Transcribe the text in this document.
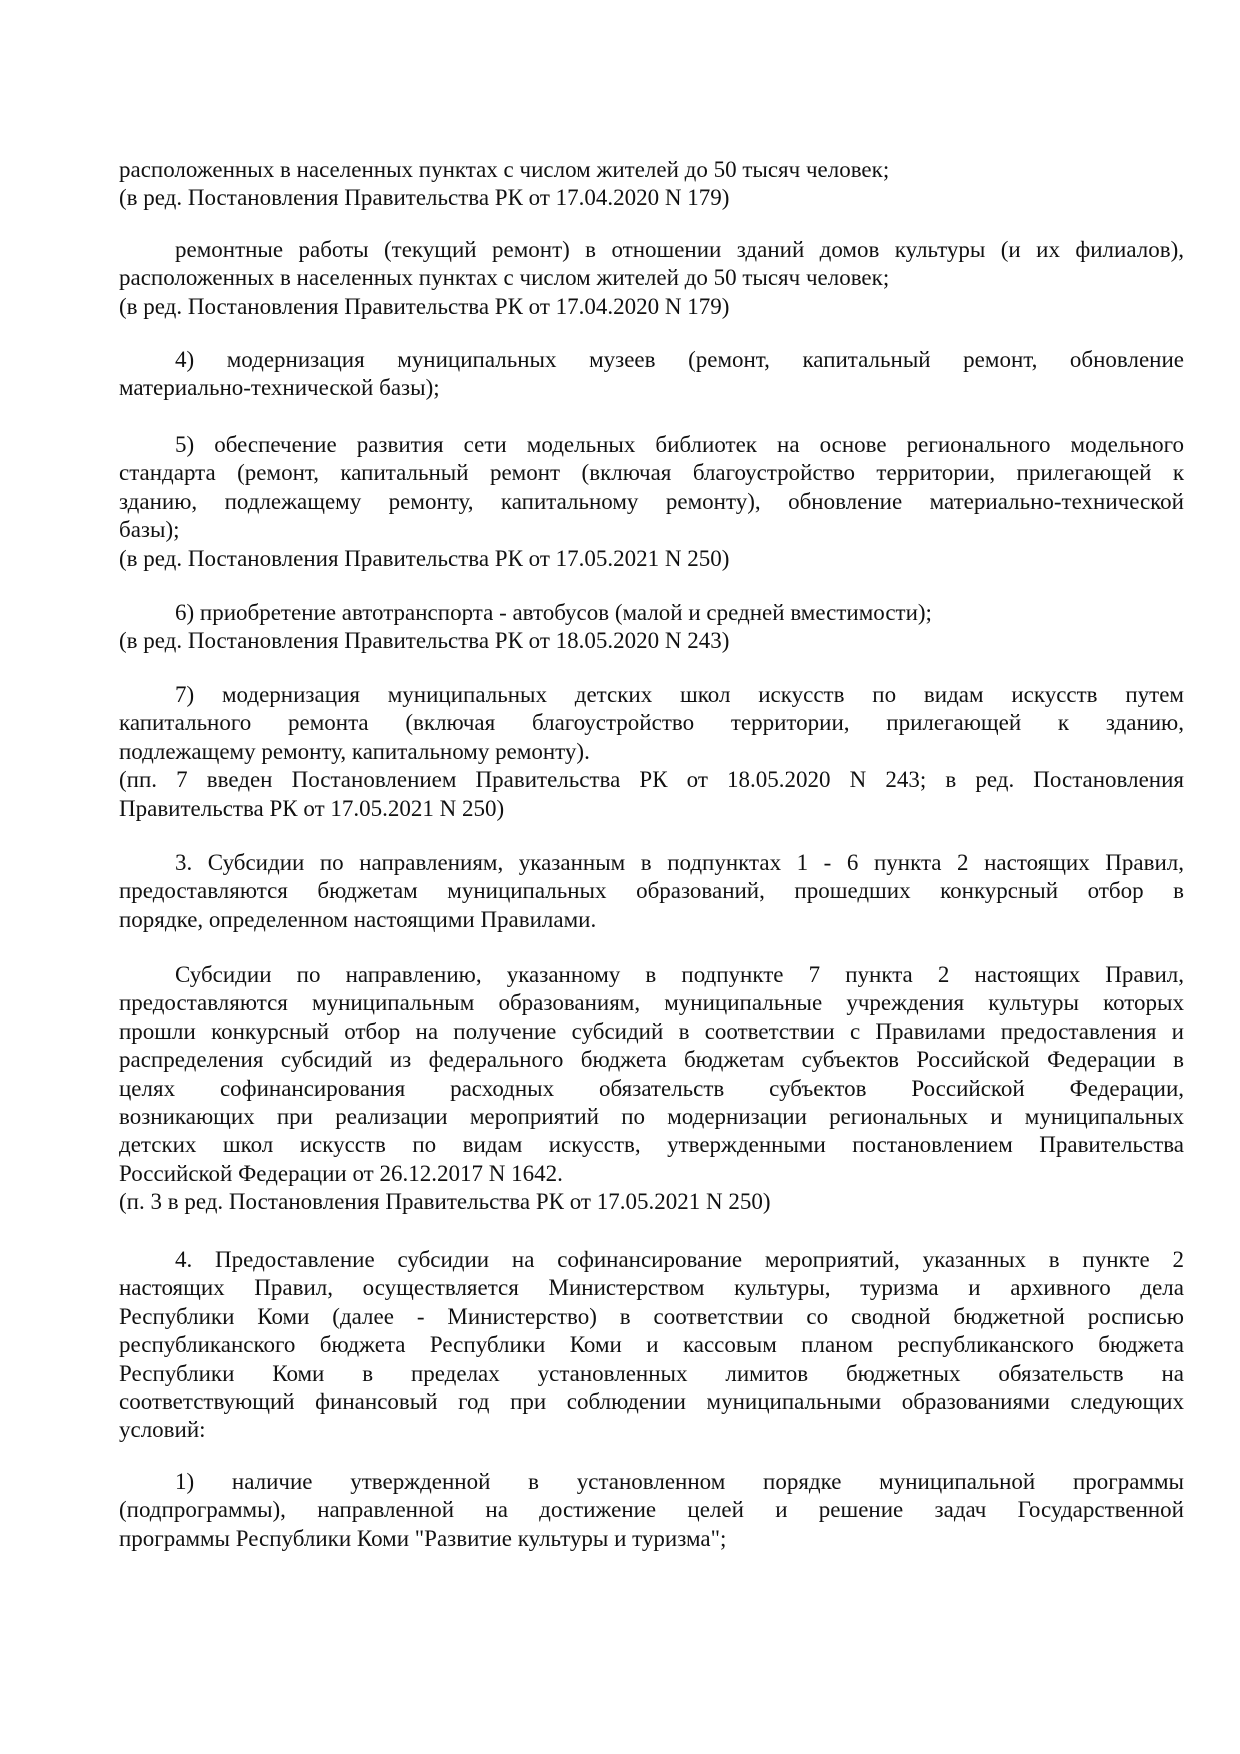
расположенных в населенных пунктах с числом жителей до 50 тысяч человек;
(в ред. Постановления Правительства РК от 17.04.2020 N 179)
ремонтные работы (текущий ремонт) в отношении зданий домов культуры (и их филиалов),
расположенных в населенных пунктах с числом жителей до 50 тысяч человек;
(в ред. Постановления Правительства РК от 17.04.2020 N 179)
4) модернизация муниципальных музеев (ремонт, капитальный ремонт, обновление
материально-технической базы);
5) обеспечение развития сети модельных библиотек на основе регионального модельного
стандарта (ремонт, капитальный ремонт (включая благоустройство территории, прилегающей к
зданию, подлежащему ремонту, капитальному ремонту), обновление материально-технической
базы);
(в ред. Постановления Правительства РК от 17.05.2021 N 250)
6) приобретение автотранспорта - автобусов (малой и средней вместимости);
(в ред. Постановления Правительства РК от 18.05.2020 N 243)
7) модернизация муниципальных детских школ искусств по видам искусств путем
капитального ремонта (включая благоустройство территории, прилегающей к зданию,
подлежащему ремонту, капитальному ремонту).
(пп. 7 введен Постановлением Правительства РК от 18.05.2020 N 243; в ред. Постановления
Правительства РК от 17.05.2021 N 250)
3. Субсидии по направлениям, указанным в подпунктах 1 - 6 пункта 2 настоящих Правил,
предоставляются бюджетам муниципальных образований, прошедших конкурсный отбор в
порядке, определенном настоящими Правилами.
Субсидии по направлению, указанному в подпункте 7 пункта 2 настоящих Правил,
предоставляются муниципальным образованиям, муниципальные учреждения культуры которых
прошли конкурсный отбор на получение субсидий в соответствии с Правилами предоставления и
распределения субсидий из федерального бюджета бюджетам субъектов Российской Федерации в
целях софинансирования расходных обязательств субъектов Российской Федерации,
возникающих при реализации мероприятий по модернизации региональных и муниципальных
детских школ искусств по видам искусств, утвержденными постановлением Правительства
Российской Федерации от 26.12.2017 N 1642.
(п. 3 в ред. Постановления Правительства РК от 17.05.2021 N 250)
4. Предоставление субсидии на софинансирование мероприятий, указанных в пункте 2
настоящих Правил, осуществляется Министерством культуры, туризма и архивного дела
Республики Коми (далее - Министерство) в соответствии со сводной бюджетной росписью
республиканского бюджета Республики Коми и кассовым планом республиканского бюджета
Республики Коми в пределах установленных лимитов бюджетных обязательств на
соответствующий финансовый год при соблюдении муниципальными образованиями следующих
условий:
1) наличие утвержденной в установленном порядке муниципальной программы
(подпрограммы), направленной на достижение целей и решение задач Государственной
программы Республики Коми "Развитие культуры и туризма";
